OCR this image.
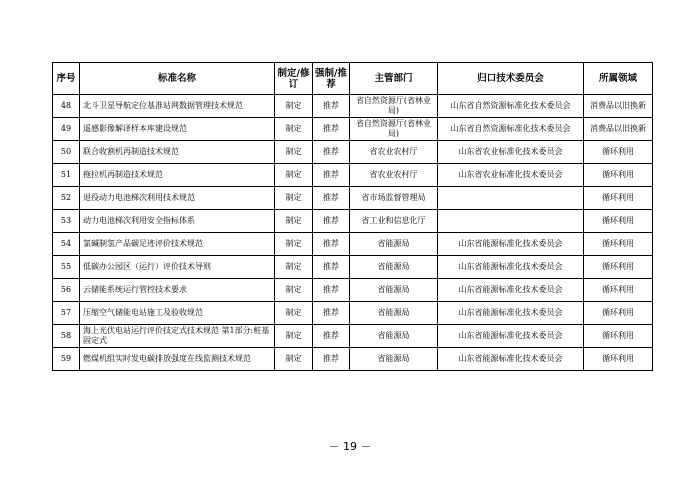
序号	标准名称	制定/修订	强制/推荐	主管部门	归口技术委员会	所属领域
48	北斗卫星导航定位基准站网数据管理技术规范	制定	推荐	省自然资源厅(省林业局)	山东省自然资源标准化技术委员会	消费品以旧换新
49	遥感影像解译样本库建设规范	制定	推荐	省自然资源厅(省林业局)	山东省自然资源标准化技术委员会	消费品以旧换新
50	联合收割机再制造技术规范	制定	推荐	省农业农村厅	山东省农业标准化技术委员会	循环利用
51	拖拉机再制造技术规范	制定	推荐	省农业农村厅	山东省农业标准化技术委员会	循环利用
52	退役动力电池梯次利用技术规范	制定	推荐	省市场监督管理局		循环利用
53	动力电池梯次利用安全指标体系	制定	推荐	省工业和信息化厅		循环利用
54	氯碱制氢产品碳足迹评价技术规范	制定	推荐	省能源局	山东省能源标准化技术委员会	循环利用
55	低碳办公园区（运行）评价技术导则	制定	推荐	省能源局	山东省能源标准化技术委员会	循环利用
56	云储能系统运行管控技术要求	制定	推荐	省能源局	山东省能源标准化技术委员会	循环利用
57	压缩空气储能电站施工及验收规范	制定	推荐	省能源局	山东省能源标准化技术委员会	循环利用
58	海上光伏电站运行评价技定式技术规范 第1部分:桩基固定式	制定	推荐	省能源局	山东省能源标准化技术委员会	循环利用
59	燃煤机组实时发电碳排放强度在线监测技术规范	制定	推荐	省能源局	山东省能源标准化技术委员会	循环利用
－ 19 －
